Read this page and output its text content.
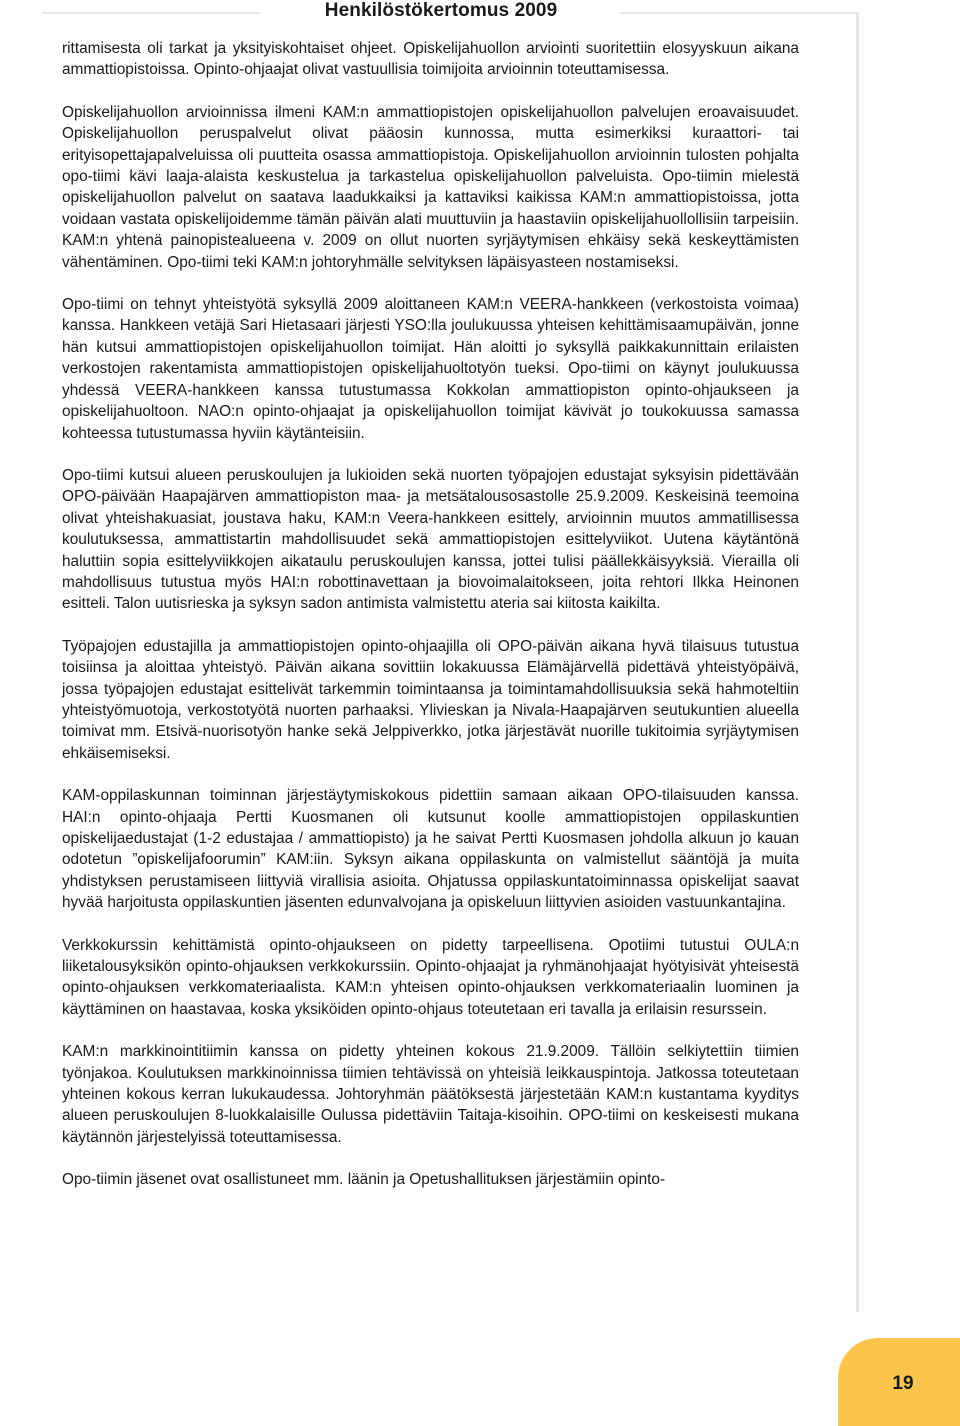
Henkilöstökertomus 2009

rittamisesta oli tarkat ja yksityiskohtaiset ohjeet. Opiskelijahuollon arviointi suoritettiin elosyyskuun aikana ammattiopistoissa. Opinto-ohjaajat olivat vastuullisia toimijoita arvioinnin toteuttamisessa.

Opiskelijahuollon arvioinnissa ilmeni KAM:n ammattiopistojen opiskelijahuollon palvelujen eroavaisuudet. Opiskelijahuollon peruspalvelut olivat pääosin kunnossa, mutta esimerkiksi kuraattori- tai erityisopettajapalveluissa oli puutteita osassa ammattiopistoja. Opiskelijahuollon arvioinnin tulosten pohjalta opo-tiimi kävi laaja-alaista keskustelua ja tarkastelua opiskelijahuollon palveluista. Opo-tiimin mielestä opiskelijahuollon palvelut on saatava laadukkaiksi ja kattaviksi kaikissa KAM:n ammattiopistoissa, jotta voidaan vastata opiskelijoidemme tämän päivän alati muuttuviin ja haastaviin opiskelijahuollollisiin tarpeisiin. KAM:n yhtenä painopistealueena v. 2009 on ollut nuorten syrjäytymisen ehkäisy sekä keskeyttämisten vähentäminen. Opo-tiimi teki KAM:n johtoryhmälle selvityksen läpäisyasteen nostamiseksi.

Opo-tiimi on tehnyt yhteistyötä syksyllä 2009 aloittaneen KAM:n VEERA-hankkeen (verkostoista voimaa) kanssa. Hankkeen vetäjä Sari Hietasaari järjesti YSO:lla joulukuussa yhteisen kehittämisaamupäivän, jonne hän kutsui ammattiopistojen opiskelijahuollon toimijat. Hän aloitti jo syksyllä paikkakunnittain erilaisten verkostojen rakentamista ammattiopistojen opiskelijahuoltotyön tueksi. Opo-tiimi on käynyt joulukuussa yhdessä VEERA-hankkeen kanssa tutustumassa Kokkolan ammattiopiston opinto-ohjaukseen ja opiskelijahuoltoon. NAO:n opinto-ohjaajat ja opiskelijahuollon toimijat kävivät jo toukokuussa samassa kohteessa tutustumassa hyviin käytänteisiin.

Opo-tiimi kutsui alueen peruskoulujen ja lukioiden sekä nuorten työpajojen edustajat syksyisin pidettävään OPO-päivään Haapajärven ammattiopiston maa- ja metsätalousosastolle 25.9.2009. Keskeisinä teemoina olivat yhteishakuasiat, joustava haku, KAM:n Veera-hankkeen esittely, arvioinnin muutos ammatillisessa koulutuksessa, ammattistartin mahdollisuudet sekä ammattiopistojen esittelyviikot. Uutena käytäntönä haluttiin sopia esittelyviikkojen aikataulu peruskoulujen kanssa, jottei tulisi päällekkäisyyksiä. Vierailla oli mahdollisuus tutustua myös HAI:n robottinavettaan ja biovoimalaitokseen, joita rehtori Ilkka Heinonen esitteli. Talon uutisrieska ja syksyn sadon antimista valmistettu ateria sai kiitosta kaikilta.

Työpajojen edustajilla ja ammattiopistojen opinto-ohjaajilla oli OPO-päivän aikana hyvä tilaisuus tutustua toisiinsa ja aloittaa yhteistyö. Päivän aikana sovittiin lokakuussa Elämäjärvellä pidettävä yhteistyöpäivä, jossa työpajojen edustajat esittelivät tarkemmin toimintaansa ja toimintamahdollisuuksia sekä hahmoteltiin yhteistyömuotoja, verkostotyötä nuorten parhaaksi. Ylivieskan ja Nivala-Haapajärven seutukuntien alueella toimivat mm. Etsivä-nuorisotyön hanke sekä Jelppiverkko, jotka järjestävät nuorille tukitoimia syrjäytymisen ehkäisemiseksi.

KAM-oppilaskunnan toiminnan järjestäytymiskokous pidettiin samaan aikaan OPO-tilaisuuden kanssa. HAI:n opinto-ohjaaja Pertti Kuosmanen oli kutsunut koolle ammattiopistojen oppilaskuntien opiskelijaedustajat (1-2 edustajaa / ammattiopisto) ja he saivat Pertti Kuosmasen johdolla alkuun jo kauan odotetun ”opiskelijafoorumin” KAM:iin. Syksyn aikana oppilaskunta on valmistellut sääntöjä ja muita yhdistyksen perustamiseen liittyviä virallisia asioita. Ohjatussa oppilaskuntatoiminnassa opiskelijat saavat hyvää harjoitusta oppilaskuntien jäsenten edunvalvojana ja opiskeluun liittyvien asioiden vastuunkantajina.

Verkkokurssin kehittämistä opinto-ohjaukseen on pidetty tarpeellisena. Opotiimi tutustui OULA:n liiketalousyksikön opinto-ohjauksen verkkokurssiin. Opinto-ohjaajat ja ryhmänohjaajat hyötyisivät yhteisestä opinto-ohjauksen verkkomateriaalista. KAM:n yhteisen opinto-ohjauksen verkkomateriaalin luominen ja käyttäminen on haastavaa, koska yksiköiden opinto-ohjaus toteutetaan eri tavalla ja erilaisin resurssein.

KAM:n markkinointitiimin kanssa on pidetty yhteinen kokous 21.9.2009. Tällöin selkiytettiin tiimien työnjakoa. Koulutuksen markkinoinnissa tiimien tehtävissä on yhteisiä leikkauspintoja. Jatkossa toteutetaan yhteinen kokous kerran lukukaudessa. Johtoryhmän päätöksestä järjestetään KAM:n kustantama kyyditys alueen peruskoulujen 8-luokkalaisille Oulussa pidettäviin Taitaja-kisoihin. OPO-tiimi on keskeisesti mukana käytännön järjestelyissä toteuttamisessa.

Opo-tiimin jäsenet ovat osallistuneet mm. läänin ja Opetushallituksen järjestämiin opinto-

19
